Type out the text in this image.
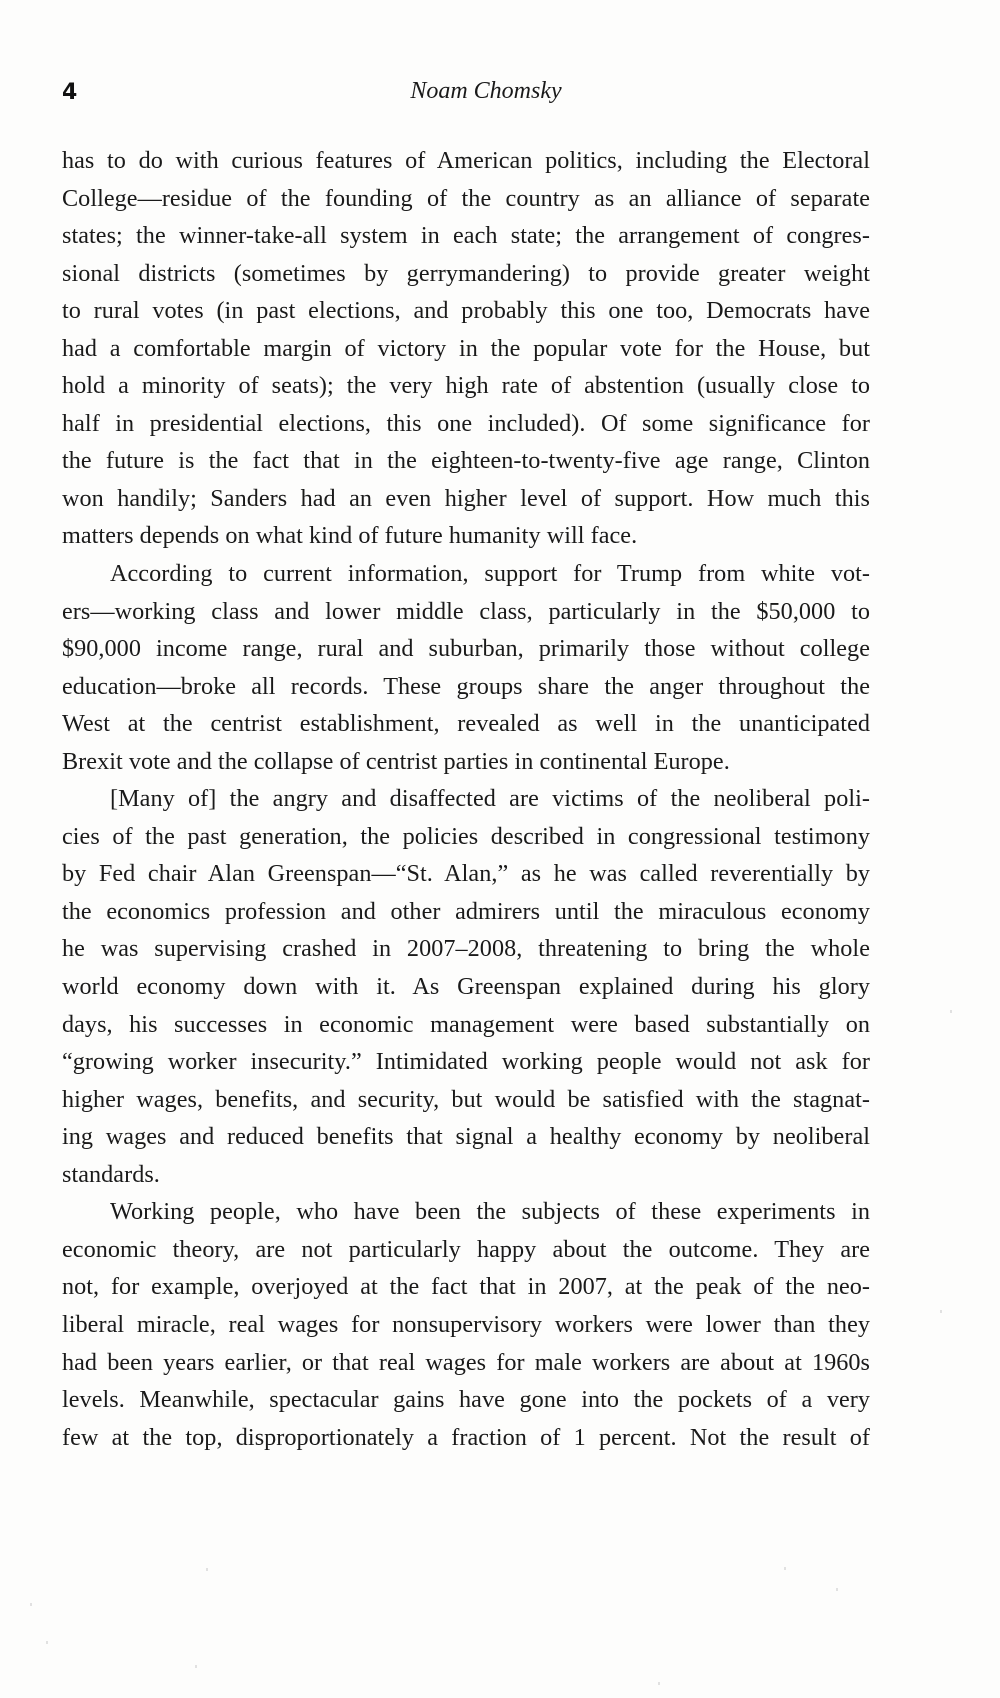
4	Noam Chomsky
has to do with curious features of American politics, including the Electoral
College—residue of the founding of the country as an alliance of separate
states; the winner-take-all system in each state; the arrangement of congres-
sional districts (sometimes by gerrymandering) to provide greater weight
to rural votes (in past elections, and probably this one too, Democrats have
had a comfortable margin of victory in the popular vote for the House, but
hold a minority of seats); the very high rate of abstention (usually close to
half in presidential elections, this one included). Of some significance for
the future is the fact that in the eighteen-to-twenty-five age range, Clinton
won handily; Sanders had an even higher level of support. How much this
matters depends on what kind of future humanity will face.
According to current information, support for Trump from white vot-
ers—working class and lower middle class, particularly in the $50,000 to
$90,000 income range, rural and suburban, primarily those without college
education—broke all records. These groups share the anger throughout the
West at the centrist establishment, revealed as well in the unanticipated
Brexit vote and the collapse of centrist parties in continental Europe.
[Many of] the angry and disaffected are victims of the neoliberal poli-
cies of the past generation, the policies described in congressional testimony
by Fed chair Alan Greenspan—“St. Alan,” as he was called reverentially by
the economics profession and other admirers until the miraculous economy
he was supervising crashed in 2007–2008, threatening to bring the whole
world economy down with it. As Greenspan explained during his glory
days, his successes in economic management were based substantially on
“growing worker insecurity.” Intimidated working people would not ask for
higher wages, benefits, and security, but would be satisfied with the stagnat-
ing wages and reduced benefits that signal a healthy economy by neoliberal
standards.
Working people, who have been the subjects of these experiments in
economic theory, are not particularly happy about the outcome. They are
not, for example, overjoyed at the fact that in 2007, at the peak of the neo-
liberal miracle, real wages for nonsupervisory workers were lower than they
had been years earlier, or that real wages for male workers are about at 1960s
levels. Meanwhile, spectacular gains have gone into the pockets of a very
few at the top, disproportionately a fraction of 1 percent. Not the result of
